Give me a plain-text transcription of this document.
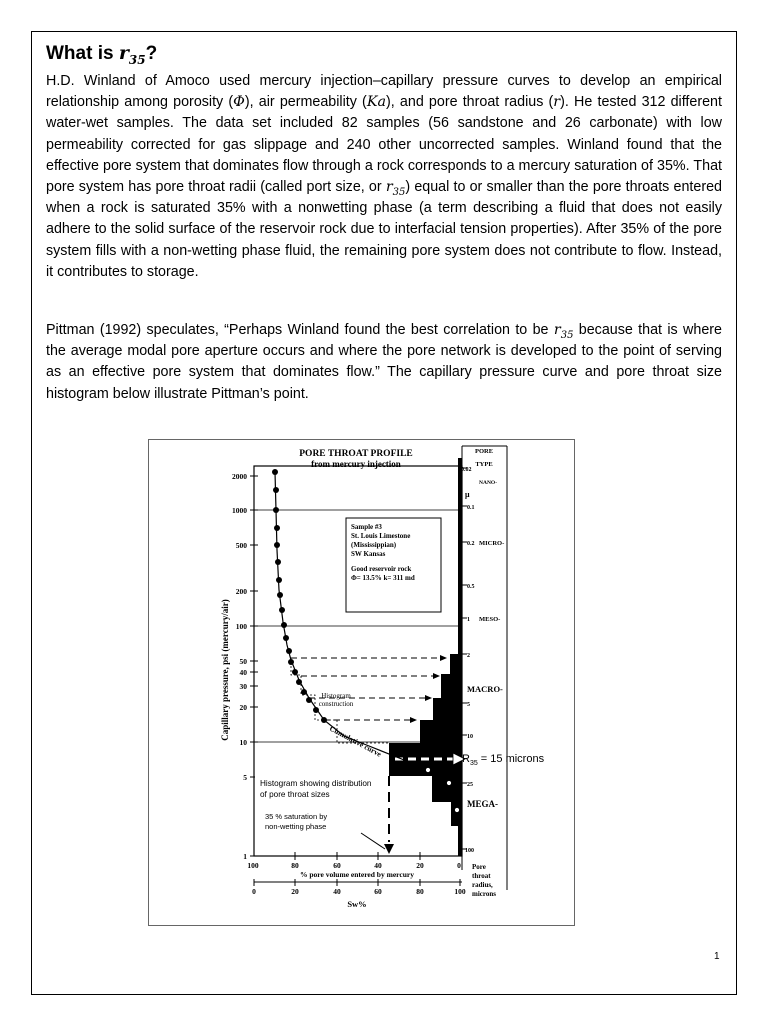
What is $r_{35}$?
H.D. Winland of Amoco used mercury injection–capillary pressure curves to develop an empirical relationship among porosity (Φ), air permeability (Ka), and pore throat radius (r). He tested 312 different water-wet samples. The data set included 82 samples (56 sandstone and 26 carbonate) with low permeability corrected for gas slippage and 240 other uncorrected samples. Winland found that the effective pore system that dominates flow through a rock corresponds to a mercury saturation of 35%. That pore system has pore throat radii (called port size, or $r_{35}$) equal to or smaller than the pore throats entered when a rock is saturated 35% with a nonwetting phase (a term describing a fluid that does not easily adhere to the solid surface of the reservoir rock due to interfacial tension properties). After 35% of the pore system fills with a non-wetting phase fluid, the remaining pore system does not contribute to flow. Instead, it contributes to storage.
Pittman (1992) speculates, “Perhaps Winland found the best correlation to be $r_{35}$ because that is where the average modal pore aperture occurs and where the pore network is developed to the point of serving as an effective pore system that dominates flow.” The capillary pressure curve and pore throat size histogram below illustrate Pittman’s point.
PORE THROAT PROFILE
from mercury injection
Capillary pressure, psi (mercury/air)
2000
1000
500
200
100
50
40
30
20
10
5
1
100	80	60	40	20	0
% pore volume entered by mercury
0	20	40	60	80	100
Sw%
Sample #3
St. Louis Limestone
(Mississippian)
SW Kansas
Good reservoir rock
Φ= 13.5% k= 311 md
Histogram
construction
Cumulative curve
Histogram showing distribution
of pore throat sizes
35 % saturation by
non-wetting phase
$R_{35} = 15$ microns
PORE
TYPE
NANO-
MICRO-
MESO-
MACRO-
MEGA-
0.02
μ
0.1
0.2
0.5
1
2
5
10
25
100
Pore
throat
radius,
microns
1
